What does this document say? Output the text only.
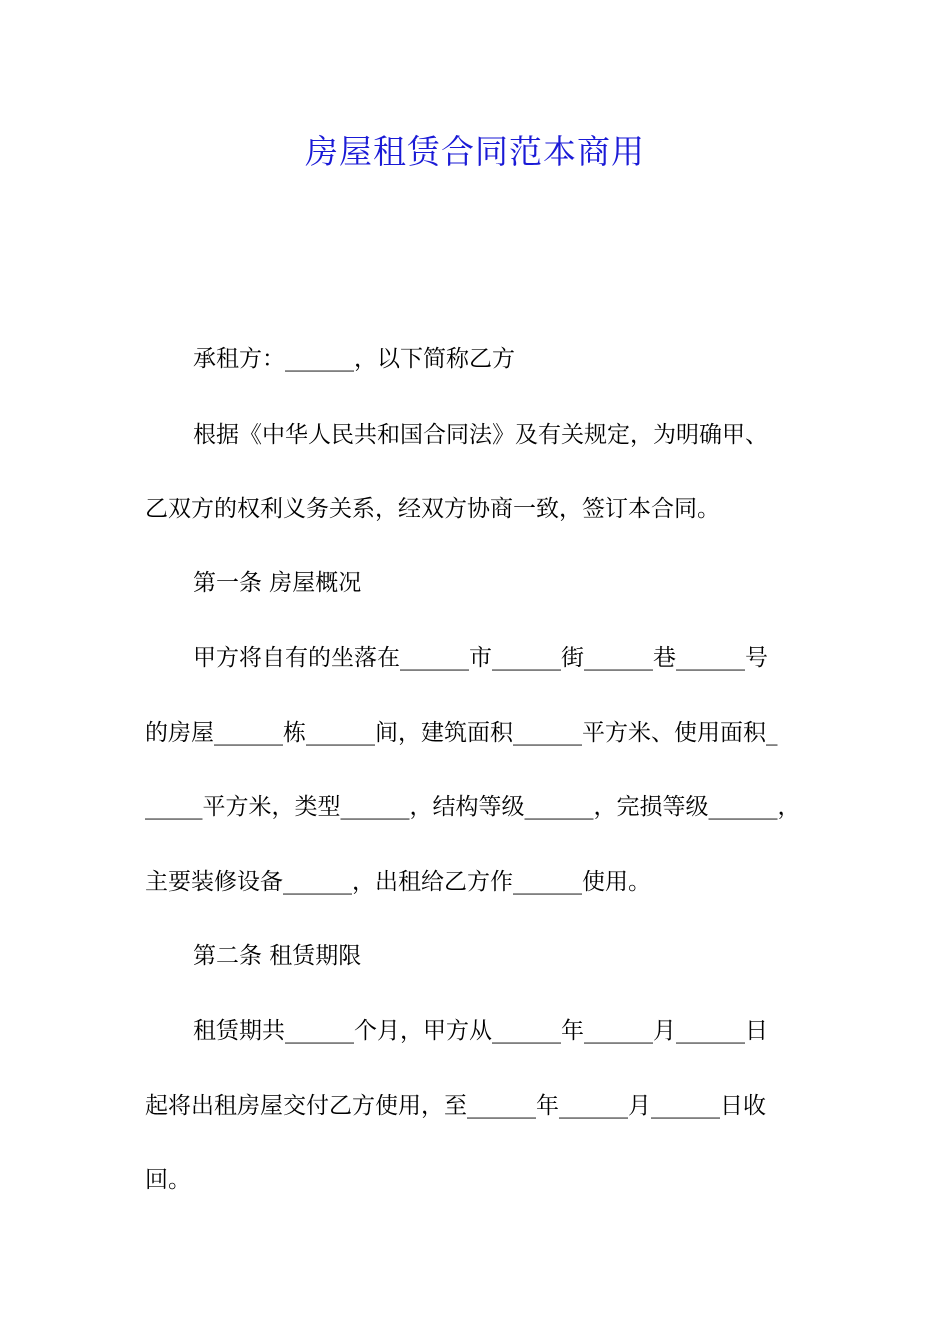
房屋租赁合同范本商用
承租方：______，以下简称乙方
根据《中华人民共和国合同法》及有关规定，为明确甲、
乙双方的权利义务关系，经双方协商一致，签订本合同。
第一条 房屋概况
甲方将自有的坐落在______市______街______巷______号
的房屋______栋______间，建筑面积______平方米、使用面积_
_____平方米，类型______，结构等级______，完损等级______，
主要装修设备______，出租给乙方作______使用。
第二条 租赁期限
租赁期共______个月，甲方从______年______月______日
起将出租房屋交付乙方使用，至______年______月______日收
回。
